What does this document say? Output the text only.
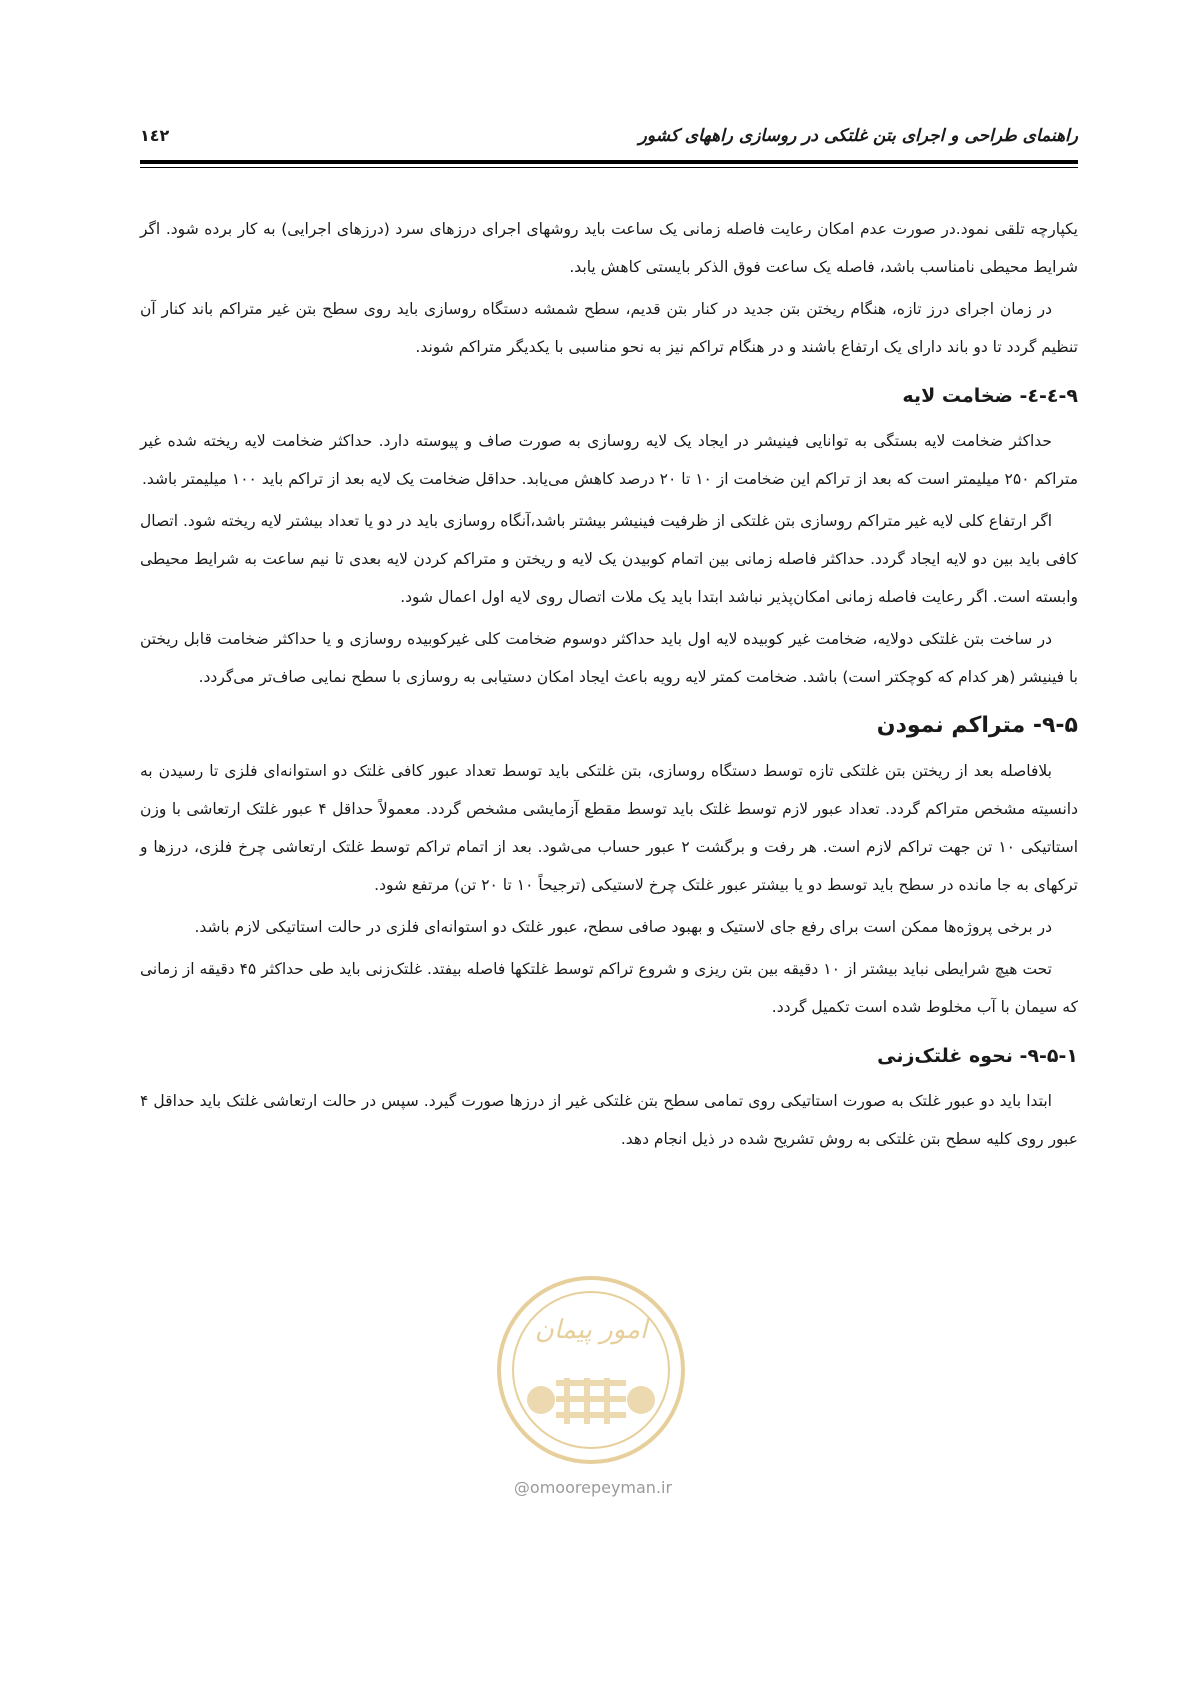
راهنمای طراحی و اجرای بتن غلتکی در روسازی راههای کشور
۱٤۲

یکپارچه تلقی نمود.در صورت عدم امکان رعایت فاصله زمانی یک ساعت باید روشهای اجرای درزهای سرد (درزهای اجرایی) به کار برده شود. اگر شرایط محیطی نامناسب باشد، فاصله یک ساعت فوق الذکر بایستی کاهش یابد.

در زمان اجرای درز تازه، هنگام ریختن بتن جدید در کنار بتن قدیم، سطح شمشه دستگاه روسازی باید روی سطح بتن غیر متراکم باند کنار آن تنظیم گردد تا دو باند دارای یک ارتفاع باشند و در هنگام تراکم نیز به نحو مناسبی با یکدیگر متراکم شوند.

۹-٤-٤- ضخامت لایه

حداکثر ضخامت لایه بستگی به توانایی فینیشر در ایجاد یک لایه روسازی به صورت صاف و پیوسته دارد. حداکثر ضخامت لایه ریخته شده غیر متراکم ۲۵۰ میلیمتر است که بعد از تراکم این ضخامت از ۱۰ تا ۲۰ درصد کاهش می‌یابد. حداقل ضخامت یک لایه بعد از تراکم باید ۱۰۰ میلیمتر باشد.

اگر ارتفاع کلی لایه غیر متراکم روسازی بتن غلتکی از ظرفیت فینیشر بیشتر باشد،آنگاه روسازی باید در دو یا تعداد بیشتر لایه ریخته شود. اتصال کافی باید بین دو لایه ایجاد گردد. حداکثر فاصله زمانی بین اتمام کوبیدن یک لایه و ریختن و متراکم کردن لایه بعدی تا نیم ساعت به شرایط محیطی وابسته است. اگر رعایت فاصله زمانی امکان‌پذیر نباشد ابتدا باید یک ملات اتصال روی لایه اول اعمال شود.

در ساخت بتن غلتکی دولایه، ضخامت غیر کوبیده لایه اول باید حداکثر دوسوم ضخامت کلی غیرکوبیده روسازی و یا حداکثر ضخامت قابل ریختن با فینیشر (هر کدام که کوچکتر است) باشد. ضخامت کمتر لایه رویه باعث ایجاد امکان دستیابی به روسازی با سطح نمایی صاف‌تر می‌گردد.

۹-۵- متراکم نمودن

بلافاصله بعد از ریختن بتن غلتکی تازه توسط دستگاه روسازی، بتن غلتکی باید توسط تعداد عبور کافی غلتک دو استوانه‌ای فلزی تا رسیدن به دانسیته مشخص متراکم گردد. تعداد عبور لازم توسط غلتک باید توسط مقطع آزمایشی مشخص گردد. معمولاً حداقل ۴ عبور غلتک ارتعاشی با وزن استاتیکی ۱۰ تن جهت تراکم لازم است. هر رفت و برگشت ۲ عبور حساب می‌شود. بعد از اتمام تراکم توسط غلتک ارتعاشی چرخ فلزی، درزها و ترکهای به جا مانده در سطح باید توسط دو یا بیشتر عبور غلتک چرخ لاستیکی (ترجیحاً ۱۰ تا ۲۰ تن) مرتفع شود.

در برخی پروژه‌ها ممکن است برای رفع جای لاستیک و بهبود صافی سطح، عبور غلتک دو استوانه‌ای فلزی در حالت استاتیکی لازم باشد.

تحت هیچ شرایطی نباید بیشتر از ۱۰ دقیقه بین بتن ریزی و شروع تراکم توسط غلتکها فاصله بیفتد. غلتک‌زنی باید طی حداکثر ۴۵ دقیقه از زمانی که سیمان با آب مخلوط شده است تکمیل گردد.

۹-۵-۱- نحوه غلتک‌زنی

ابتدا باید دو عبور غلتک به صورت استاتیکی روی تمامی سطح بتن غلتکی غیر از درزها صورت گیرد. سپس در حالت ارتعاشی غلتک باید حداقل ۴ عبور روی کلیه سطح بتن غلتکی به روش تشریح شده در ذیل انجام دهد.

امور پیمان
@omoorepeyman.ir
